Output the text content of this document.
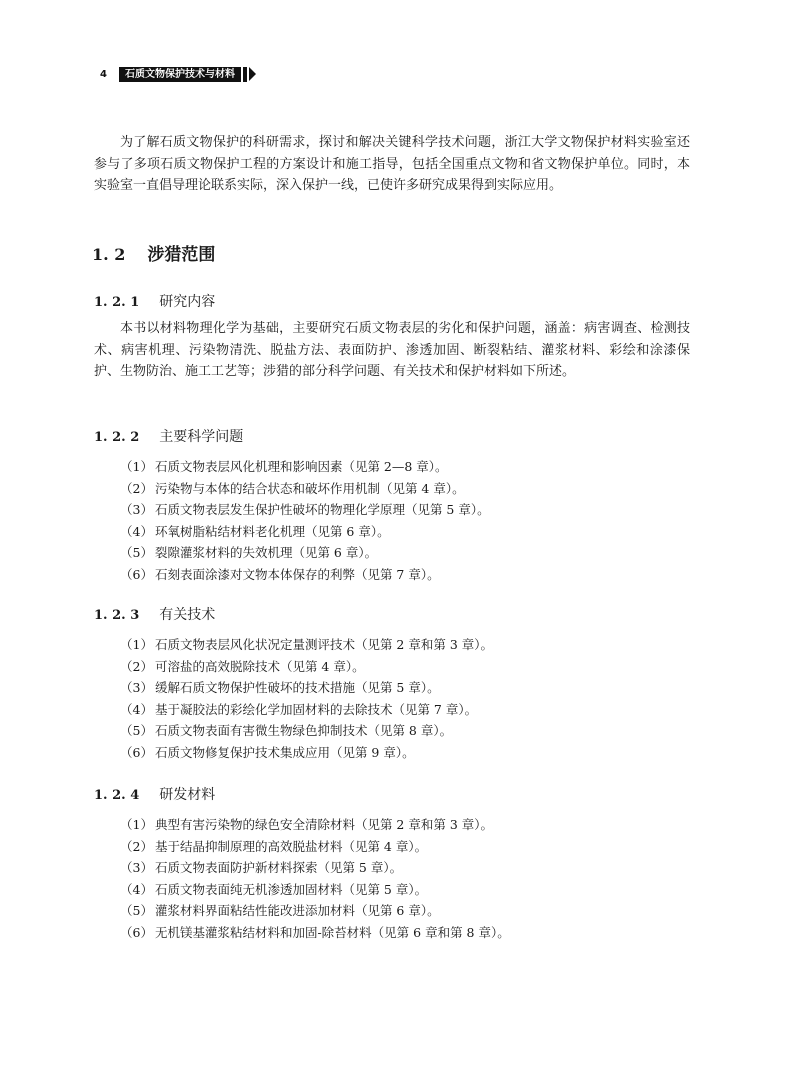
4	石质文物保护技术与材料

为了解石质文物保护的科研需求，探讨和解决关键科学技术问题，浙江大学文物保护材料实验室还参与了多项石质文物保护工程的方案设计和施工指导，包括全国重点文物和省文物保护单位。同时，本实验室一直倡导理论联系实际，深入保护一线，已使许多研究成果得到实际应用。

1. 2 涉猎范围
1. 2. 1 研究内容

本书以材料物理化学为基础，主要研究石质文物表层的劣化和保护问题，涵盖：病害调查、检测技术、病害机理、污染物清洗、脱盐方法、表面防护、渗透加固、断裂粘结、灌浆材料、彩绘和涂漆保护、生物防治、施工工艺等；涉猎的部分科学问题、有关技术和保护材料如下所述。

1. 2. 2 主要科学问题
（1） 石质文物表层风化机理和影响因素（见第 2—8 章）。
（2） 污染物与本体的结合状态和破坏作用机制（见第 4 章）。
（3） 石质文物表层发生保护性破坏的物理化学原理（见第 5 章）。
（4） 环氧树脂粘结材料老化机理（见第 6 章）。
（5） 裂隙灌浆材料的失效机理（见第 6 章）。
（6） 石刻表面涂漆对文物本体保存的利弊（见第 7 章）。
1. 2. 3 有关技术
（1） 石质文物表层风化状况定量测评技术（见第 2 章和第 3 章）。
（2） 可溶盐的高效脱除技术（见第 4 章）。
（3） 缓解石质文物保护性破坏的技术措施（见第 5 章）。
（4） 基于凝胶法的彩绘化学加固材料的去除技术（见第 7 章）。
（5） 石质文物表面有害微生物绿色抑制技术（见第 8 章）。
（6） 石质文物修复保护技术集成应用（见第 9 章）。
1. 2. 4 研发材料
（1） 典型有害污染物的绿色安全清除材料（见第 2 章和第 3 章）。
（2） 基于结晶抑制原理的高效脱盐材料（见第 4 章）。
（3） 石质文物表面防护新材料探索（见第 5 章）。
（4） 石质文物表面纯无机渗透加固材料（见第 5 章）。
（5） 灌浆材料界面粘结性能改进添加材料（见第 6 章）。
（6） 无机镁基灌浆粘结材料和加固-除苔材料（见第 6 章和第 8 章）。
